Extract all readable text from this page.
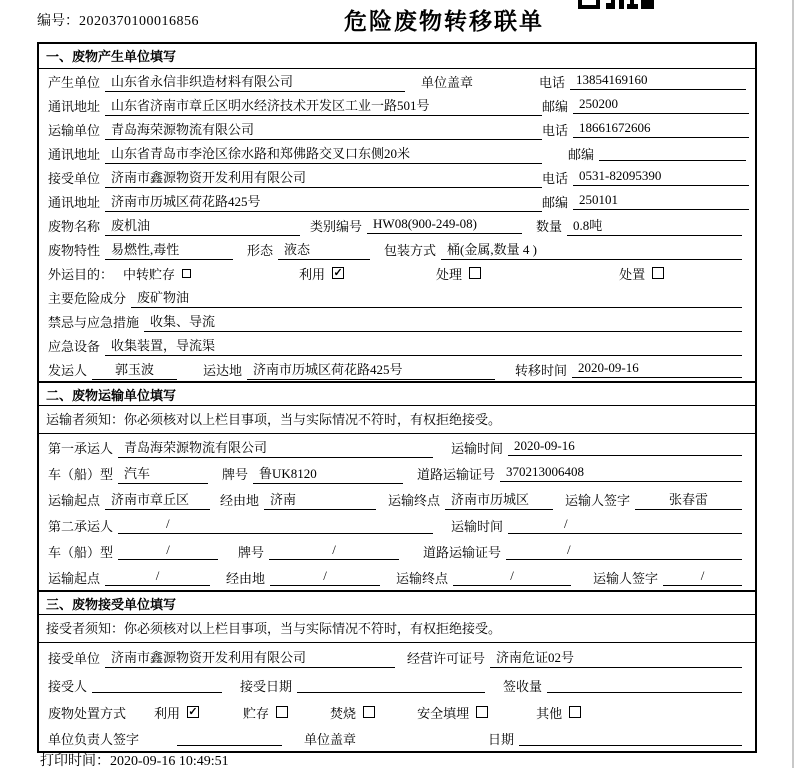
编号：2020370100016856	危险废物转移联单
一、废物产生单位填写
产生单位 山东省永信非织造材料有限公司	单位盖章	电话 13854169160
通讯地址 山东省济南市章丘区明水经济技术开发区工业一路501号	邮编 250200
运输单位 青岛海荣源物流有限公司	电话 18661672606
通讯地址 山东省青岛市李沧区徐水路和郑佛路交叉口东侧20米	邮编
接受单位 济南市鑫源物资开发利用有限公司	电话 0531-82095390
通讯地址 济南市历城区荷花路425号	邮编 250101
废物名称 废机油	类别编号 HW08(900-249-08)	数量 0.8吨
废物特性 易燃性,毒性	形态 液态	包装方式 桶(金属,数量 4 )
外运目的： 中转贮存	利用 ✓	处理	处置
主要危险成分 废矿物油
禁忌与应急措施 收集、导流
应急设备 收集装置，导流渠
发运人	郭玉波	运达地 济南市历城区荷花路425号	转移时间 2020-09-16
二、废物运输单位填写
运输者须知：你必须核对以上栏目事项，当与实际情况不符时，有权拒绝接受。
第一承运人 青岛海荣源物流有限公司	运输时间 2020-09-16
车（船）型 汽车	牌号 鲁UK8120	道路运输证号 370213006408
运输起点 济南市章丘区	经由地 济南	运输终点 济南市历城区	运输人签字	张春雷
第二承运人	/	运输时间	/
车（船）型	/	牌号	/	道路运输证号	/
运输起点	/	经由地	/	运输终点	/	运输人签字	/
三、废物接受单位填写
接受者须知：你必须核对以上栏目事项，当与实际情况不符时，有权拒绝接受。
接受单位 济南市鑫源物资开发利用有限公司	经营许可证号 济南危证02号
接受人	接受日期	签收量
废物处置方式 利用 ✓	贮存	焚烧	安全填埋	其他
单位负责人签字	单位盖章	日期
打印时间：2020-09-16 10:49:51
